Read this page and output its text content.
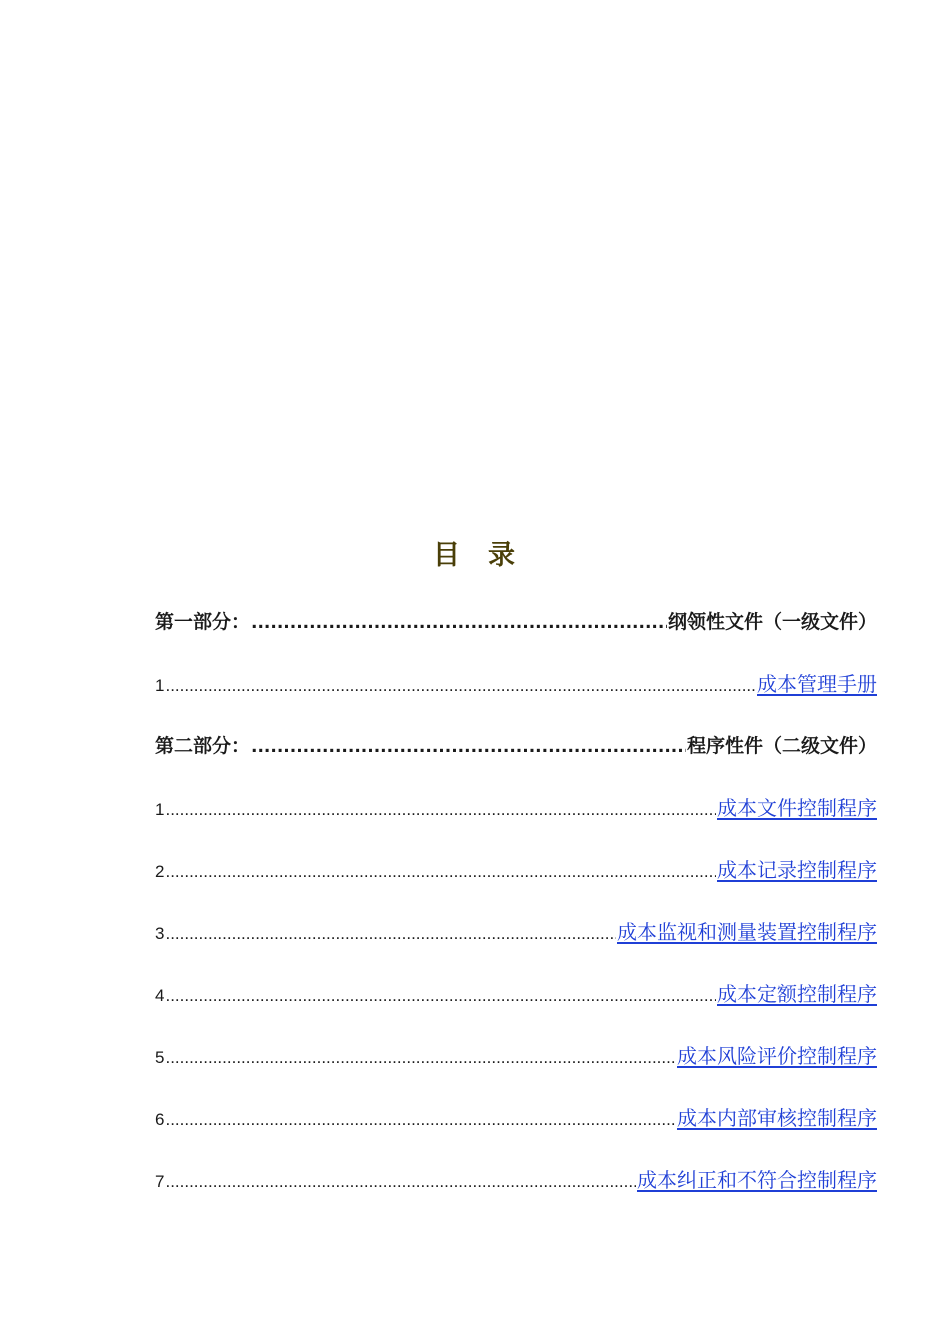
目 录
第一部分： .....	纲领性文件（一级文件）
1 .....	成本管理手册
第二部分： .....	程序性件（二级文件）
1 .....	成本文件控制程序
2 .....	成本记录控制程序
3 .....	成本监视和测量装置控制程序
4 .....	成本定额控制程序
5 .....	成本风险评价控制程序
6 .....	成本内部审核控制程序
7 .....	成本纠正和不符合控制程序
